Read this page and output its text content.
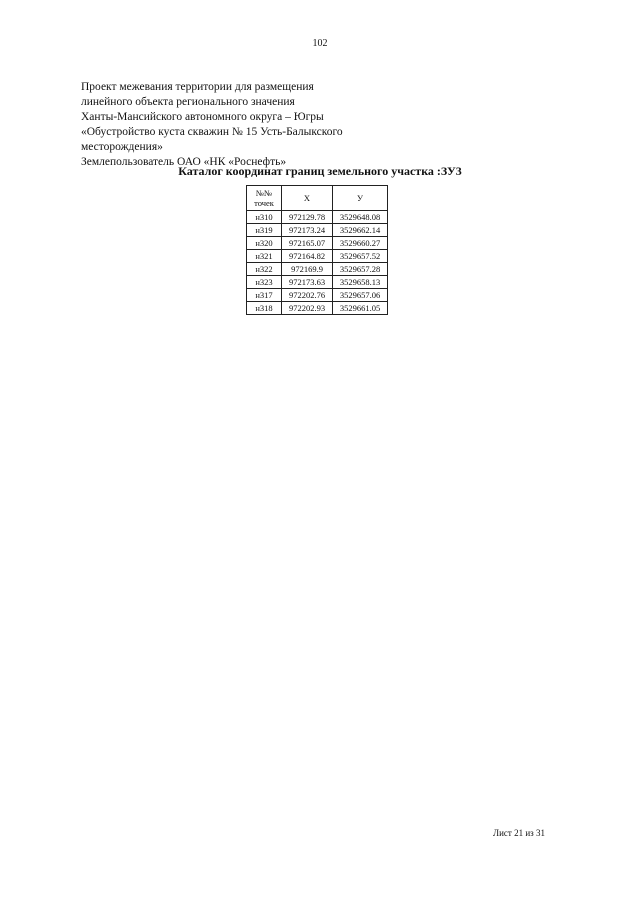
102
Проект межевания территории для размещения
линейного объекта регионального значения
Ханты-Мансийского автономного округа – Югры
«Обустройство куста скважин № 15 Усть-Балыкского
месторождения»
Землепользователь ОАО «НК «Роснефть»
Каталог координат границ земельного участка :ЗУ3
№№ точек	X	У
н310	972129.78	3529648.08
н319	972173.24	3529662.14
н320	972165.07	3529660.27
н321	972164.82	3529657.52
н322	972169.9	3529657.28
н323	972173.63	3529658.13
н317	972202.76	3529657.06
н318	972202.93	3529661.05
Лист 21 из 31
